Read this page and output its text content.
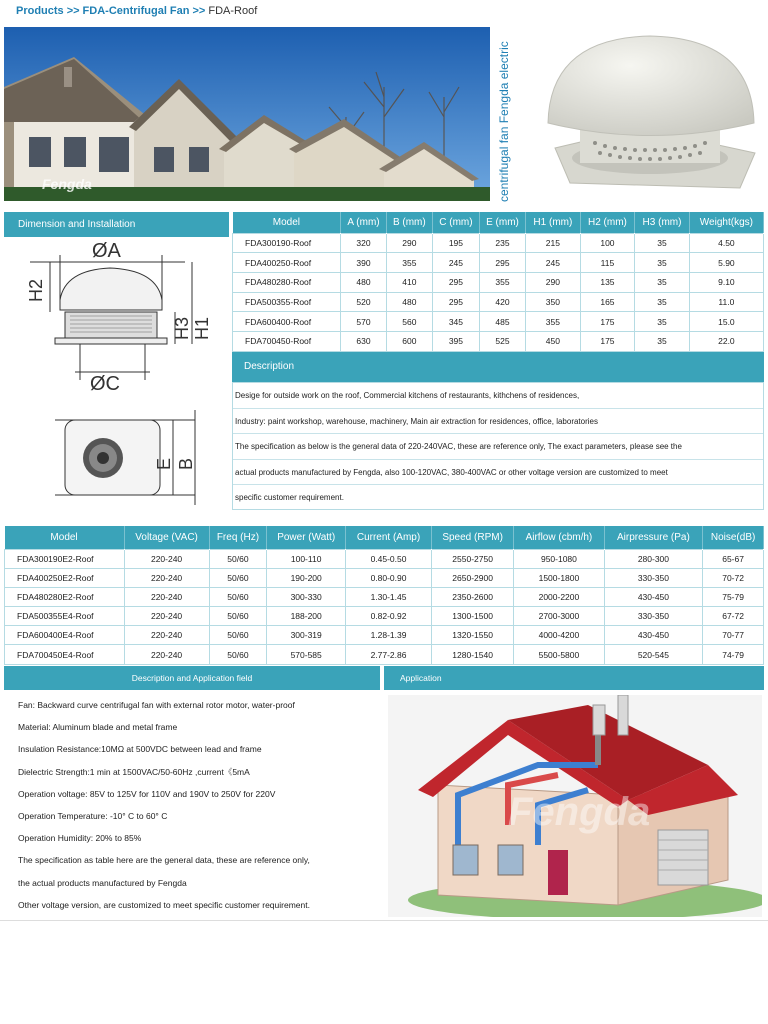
Products >> FDA-Centrifugal Fan >> FDA-Roof
Fengda	centrifugal fan Fengda electric
Dimension and Installation
ØA
ØC
H2
H3 H1
E B
Model	A (mm)	B (mm)	C (mm)	E (mm)	H1 (mm)	H2 (mm)	H3 (mm)	Weight(kgs)
FDA300190-Roof	320	290	195	235	215	100	35	4.50
FDA400250-Roof	390	355	245	295	245	115	35	5.90
FDA480280-Roof	480	410	295	355	290	135	35	9.10
FDA500355-Roof	520	480	295	420	350	165	35	11.0
FDA600400-Roof	570	560	345	485	355	175	35	15.0
FDA700450-Roof	630	600	395	525	450	175	35	22.0
Description
Desige for outside work on the roof, Commercial kitchens of restaurants, kithchens of residences,
Industry: paint workshop, warehouse, machinery, Main air extraction for residences, office, laboratories
The specification as below is the general data of 220-240VAC, these are reference only, The exact parameters, please see the
actual products manufactured by Fengda, also 100-120VAC, 380-400VAC or other voltage version are customized to meet
specific customer requirement.
Model	Voltage (VAC)	Freq (Hz)	Power (Watt)	Current (Amp)	Speed (RPM)	Airflow (cbm/h)	Airpressure (Pa)	Noise(dB)
FDA300190E2-Roof	220-240	50/60	100-110	0.45-0.50	2550-2750	950-1080	280-300	65-67
FDA400250E2-Roof	220-240	50/60	190-200	0.80-0.90	2650-2900	1500-1800	330-350	70-72
FDA480280E2-Roof	220-240	50/60	300-330	1.30-1.45	2350-2600	2000-2200	430-450	75-79
FDA500355E4-Roof	220-240	50/60	188-200	0.82-0.92	1300-1500	2700-3000	330-350	67-72
FDA600400E4-Roof	220-240	50/60	300-319	1.28-1.39	1320-1550	4000-4200	430-450	70-77
FDA700450E4-Roof	220-240	50/60	570-585	2.77-2.86	1280-1540	5500-5800	520-545	74-79
Description and Application field	Application
Fan: Backward curve centrifugal fan with external rotor motor, water-proof
Material: Aluminum blade and metal frame
Insulation Resistance:10MΩ at 500VDC between lead and frame
Dielectric Strength:1 min at 1500VAC/50-60Hz ,current《5mA
Operation voltage: 85V to 125V for 110V and 190V to 250V for 220V
Operation Temperature: -10° C to 60° C
Operation Humidity: 20% to 85%
The specification as table here are the general data, these are reference only,
the actual products manufactured by Fengda
Other voltage version, are customized to meet specific customer requirement.
Fengda
